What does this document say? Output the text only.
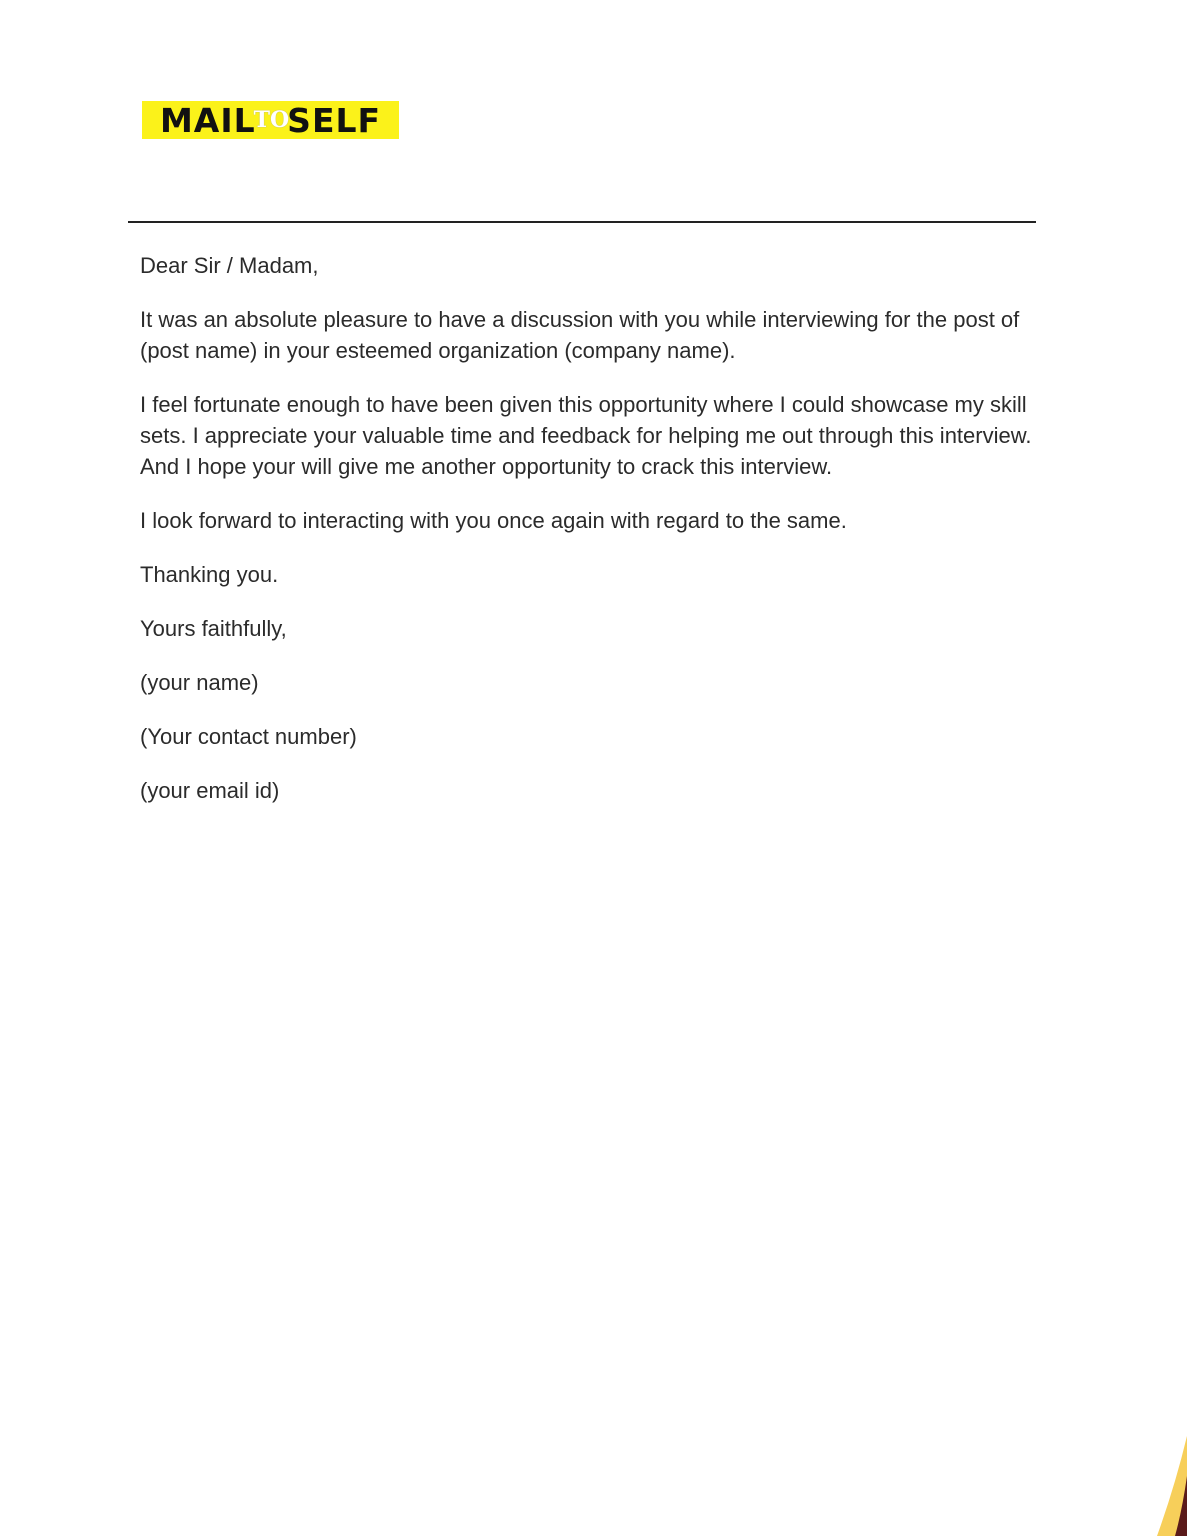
MAIL
TO
SELF

Dear Sir / Madam,

It was an absolute pleasure to have a discussion with you while interviewing for the post of (post name) in your esteemed organization (company name).

I feel fortunate enough to have been given this opportunity where I could showcase my skill sets. I appreciate your valuable time and feedback for helping me out through this interview. And I hope your will give me another opportunity to crack this interview.

I look forward to interacting with you once again with regard to the same.

Thanking you.

Yours faithfully,

(your name)

(Your contact number)

(your email id)
